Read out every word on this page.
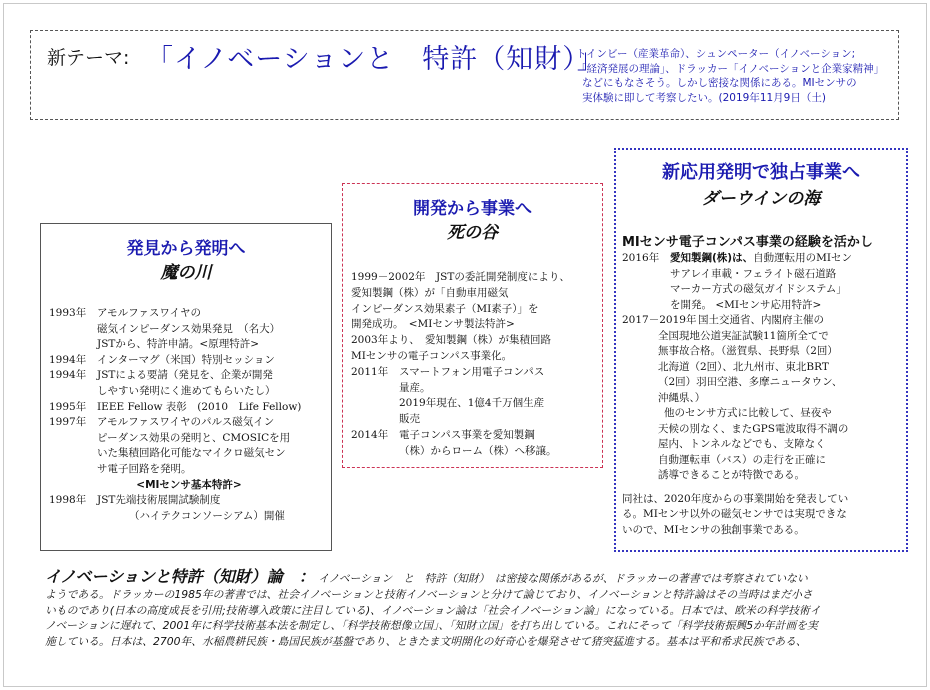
新テーマ: 「イノベーションと　特許（知財）」
トインビー（産業革命）、シュンペーター（イノベーション;
「経済発展の理論」、ドラッカー「イノベーションと企業家精神」
などにもなさそう。しかし密接な関係にある。MIセンサの
実体験に即して考察したい。(2019年11月9日（土)
発見から発明へ
魔の川
1993年	アモルファスワイヤの
磁気インピーダンス効果発見　（名大）
JSTから、特許申請。<原理特許>
1994年	インターマグ（米国）特別セッション
1994年	JSTによる要請（発見を、企業が開発
しやすい発明にく進めてもらいたし）
1995年	IEEE Fellow 表彰　(2010　Life Fellow)
1997年	アモルファスワイヤのパルス磁気イン
ピーダンス効果の発明と、CMOSICを用
いた集積回路化可能なマイクロ磁気セン
サ電子回路を発明。
<MIセンサ基本特許>
1998年	JST先端技術展開試験制度
（ハイテクコンソーシアム）開催
開発から事業へ
死の谷
1999－2002年　JSTの委託開発制度により、
愛知製鋼（株）が「自動車用磁気
インピーダンス効果素子（MI素子）」を
開発成功。　<MIセンサ製法特許>
2003年より、　愛知製鋼（株）が集積回路
MIセンサの電子コンパス事業化。
2011年	スマートフォン用電子コンパス
量産。
2019年現在、1億4千万個生産
販売
2014年	電子コンパス事業を愛知製鋼
（株）からローム（株）へ移譲。
新応用発明で独占事業へ
ダーウインの海
MIセンサ電子コンパス事業の経験を活かし
2016年	愛知製鋼(株)は、自動運転用のMIセン
サアレイ車載・フェライト磁石道路
マーカー方式の磁気ガイドシステム」
を開発。 <MIセンサ応用特許>
2017－2019年 国土交通省、内閣府主催の
全国現地公道実証試験11箇所全てで
無事故合格。（滋賀県、長野県（2回）
北海道（2回）、北九州市、東北BRT
（2回）羽田空港、多摩ニュータウン、
沖縄県、）
他のセンサ方式に比較して、昼夜や
天候の別なく、またGPS電波取得不調の
屋内、トンネルなどでも、支障なく
自動運転車（バス）の走行を正確に
誘導できることが特徴である。
同社は、2020年度からの事業開始を発表してい
る。MIセンサ以外の磁気センサでは実現できな
いので、MIセンサの独創事業である。
イノベーションと特許（知財）論　： イノベーション　と　特許（知財）　は密接な関係があるが、ドラッカーの著書では考察されていない
ようである。ドラッカーの1985年の著書では、社会イノベーションと技術イノベーションと分けて論じており、イノベーションと特許論はその当時はまだ小さ
いものであり(日本の高度成長を引用;技術導入政策に注目している)、イノベーション論は「社会イノベーション論」になっている。日本では、欧米の科学技術イ
ノベーションに遅れて、2001年に科学技術基本法を制定し、「科学技術想像立国」、「知財立国」を打ち出している。これにそって「科学技術振興5か年計画を実
施している。日本は、2700年、水稲農耕民族・島国民族が基盤であり、ときたま文明開化の好奇心を爆発させて猪突猛進する。基本は平和希求民族である、
